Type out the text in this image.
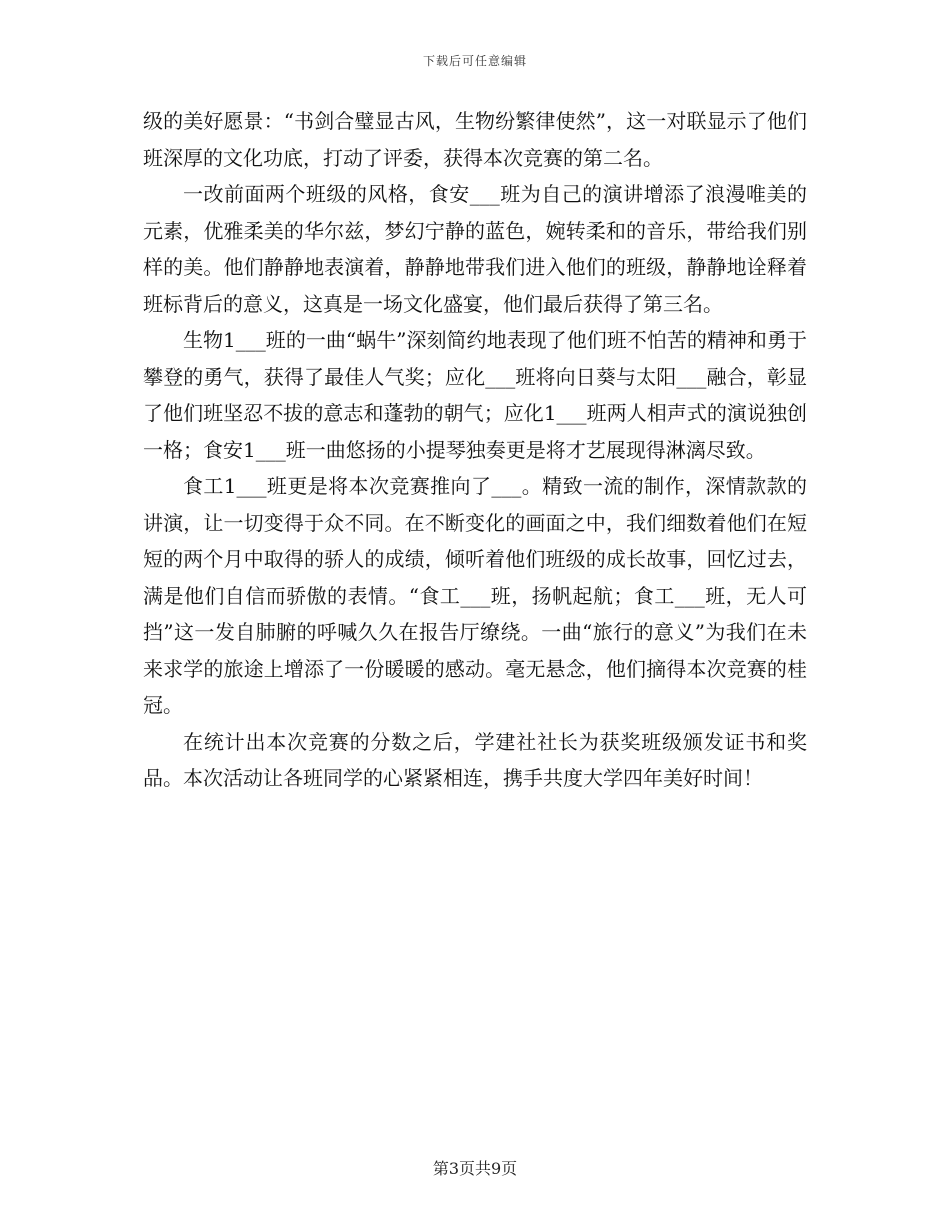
下载后可任意编辑

级的美好愿景：“书剑合璧显古风，生物纷繁律使然”，这一对联显示了他们班深厚的文化功底，打动了评委，获得本次竞赛的第二名。

一改前面两个班级的风格，食安___班为自己的演讲增添了浪漫唯美的元素，优雅柔美的华尔兹，梦幻宁静的蓝色，婉转柔和的音乐，带给我们别样的美。他们静静地表演着，静静地带我们进入他们的班级，静静地诠释着班标背后的意义，这真是一场文化盛宴，他们最后获得了第三名。

生物1___班的一曲“蜗牛”深刻简约地表现了他们班不怕苦的精神和勇于攀登的勇气，获得了最佳人气奖；应化___班将向日葵与太阳___融合，彰显了他们班坚忍不拔的意志和蓬勃的朝气；应化1___班两人相声式的演说独创一格；食安1___班一曲悠扬的小提琴独奏更是将才艺展现得淋漓尽致。

食工1___班更是将本次竞赛推向了___。精致一流的制作，深情款款的讲演，让一切变得于众不同。在不断变化的画面之中，我们细数着他们在短短的两个月中取得的骄人的成绩，倾听着他们班级的成长故事，回忆过去，满是他们自信而骄傲的表情。“食工___班，扬帆起航；食工___班，无人可挡”这一发自肺腑的呼喊久久在报告厅缭绕。一曲“旅行的意义”为我们在未来求学的旅途上增添了一份暖暖的感动。毫无悬念，他们摘得本次竞赛的桂冠。

在统计出本次竞赛的分数之后，学建社社长为获奖班级颁发证书和奖品。本次活动让各班同学的心紧紧相连，携手共度大学四年美好时间！

第3页共9页
